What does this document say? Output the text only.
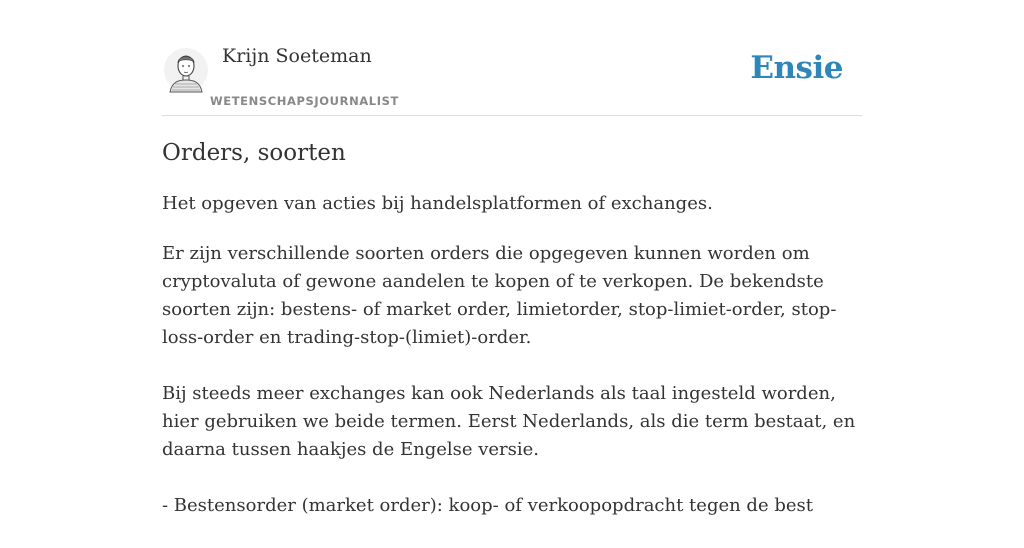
Krijn Soeteman
WETENSCHAPSJOURNALIST
Ensie
Orders, soorten

Het opgeven van acties bij handelsplatformen of exchanges.

Er zijn verschillende soorten orders die opgegeven kunnen worden om cryptovaluta of gewone aandelen te kopen of te verkopen. De bekendste soorten zijn: bestens- of market order, limietorder, stop-limiet-order, stop-loss-order en trading-stop-(limiet)-order.

Bij steeds meer exchanges kan ook Nederlands als taal ingesteld worden, hier gebruiken we beide termen. Eerst Nederlands, als die term bestaat, en daarna tussen haakjes de Engelse versie.

- Bestensorder (market order): koop- of verkoopopdracht tegen de best
